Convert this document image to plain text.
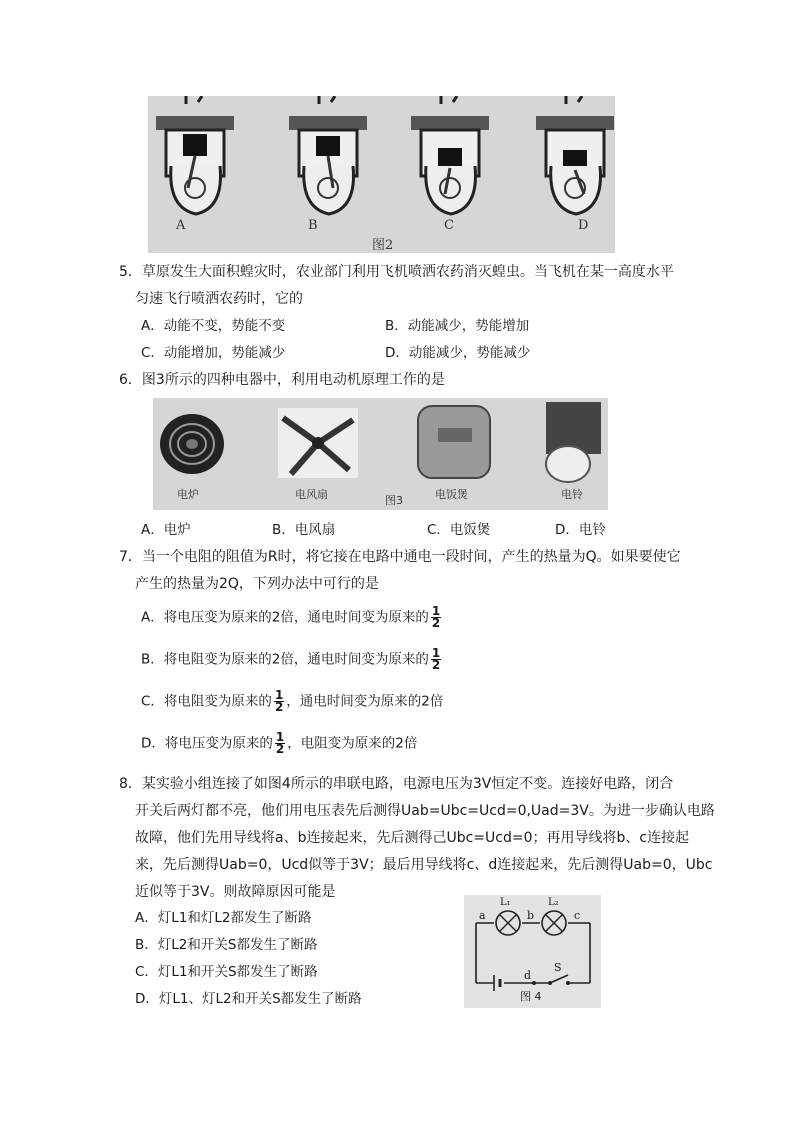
A	B	C	D
图2
5．草原发生大面积蝗灾时，农业部门利用飞机喷洒农药消灭蝗虫。当飞机在某一高度水平
匀速飞行喷洒农药时，它的
A．动能不变，势能不变	B．动能减少，势能增加
C．动能增加，势能减少	D．动能减少，势能减少
6．图3所示的四种电器中，利用电动机原理工作的是
电炉	电风扇	图3	电饭煲	电铃
A．电炉	B．电风扇	C．电饭煲	D．电铃
7．当一个电阻的阻值为R时，将它接在电路中通电一段时间，产生的热量为Q。如果要使它
产生的热量为2Q，下列办法中可行的是
A．将电压变为原来的2倍，通电时间变为原来的 $\frac{1}{2}$
B．将电阻变为原来的2倍，通电时间变为原来的 $\frac{1}{2}$
C．将电阻变为原来的 $\frac{1}{2}$ ，通电时间变为原来的2倍
D．将电压变为原来的 $\frac{1}{2}$ ，电阻变为原来的2倍
8．某实验小组连接了如图4所示的串联电路，电源电压为3V恒定不变。连接好电路，闭合
开关后两灯都不亮，他们用电压表先后测得Uab=Ubc=Ucd=0,Uad=3V。为进一步确认电路
故障，他们先用导线将a、b连接起来，先后测得己Ubc=Ucd=0；再用导线将b、c连接起
来，先后测得Uab=0，Ucd似等于3V；最后用导线将c、d连接起来，先后测得Uab=0，Ubc
近似等于3V。则故障原因可能是
A．灯L1和灯L2都发生了断路
B．灯L2和开关S都发生了断路
C．灯L1和开关S都发生了断路
D．灯L1、灯L2和开关S都发生了断路
L₁	L₂
a	b	c
d
S
图 4
